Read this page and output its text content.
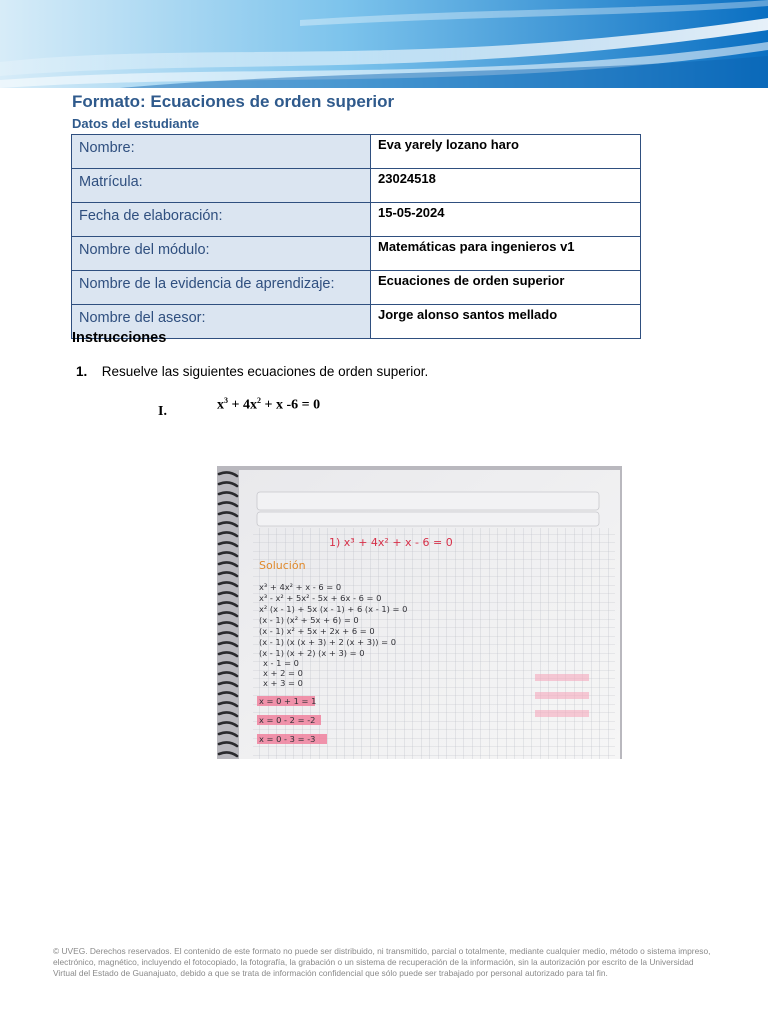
Formato: Ecuaciones de orden superior
Datos del estudiante
Nombre:	Eva yarely lozano haro
Matrícula:	23024518
Fecha de elaboración:	15-05-2024
Nombre del módulo:	Matemáticas para ingenieros v1
Nombre de la evidencia de aprendizaje:	Ecuaciones de orden superior
Nombre del asesor:	Jorge alonso santos mellado
Instrucciones
1. Resuelve las siguientes ecuaciones de orden superior.
I.	$x^3 + 4x^2 + x$ -6 = 0
1) x³ + 4x² + x - 6 = 0
Solución
x³ + 4x² + x - 6 = 0
x³ - x² + 5x² - 5x + 6x - 6 = 0
x² (x - 1) + 5x (x - 1) + 6 (x - 1) = 0
(x - 1) (x² + 5x + 6) = 0
(x - 1) x² + 5x + 2x + 6 = 0
(x - 1) (x (x + 3) + 2 (x + 3)) = 0
(x - 1) (x + 2) (x + 3) = 0
x - 1 = 0
x + 2 = 0
x + 3 = 0
x = 0 + 1 = 1
x = 0 - 2 = -2
x = 0 - 3 = -3

© UVEG. Derechos reservados. El contenido de este formato no puede ser distribuido, ni transmitido, parcial o totalmente, mediante cualquier medio, método o sistema impreso, electrónico, magnético, incluyendo el fotocopiado, la fotografía, la grabación o un sistema de recuperación de la información, sin la autorización por escrito de la Universidad Virtual del Estado de Guanajuato, debido a que se trata de información confidencial que sólo puede ser trabajado por personal autorizado para tal fin.
